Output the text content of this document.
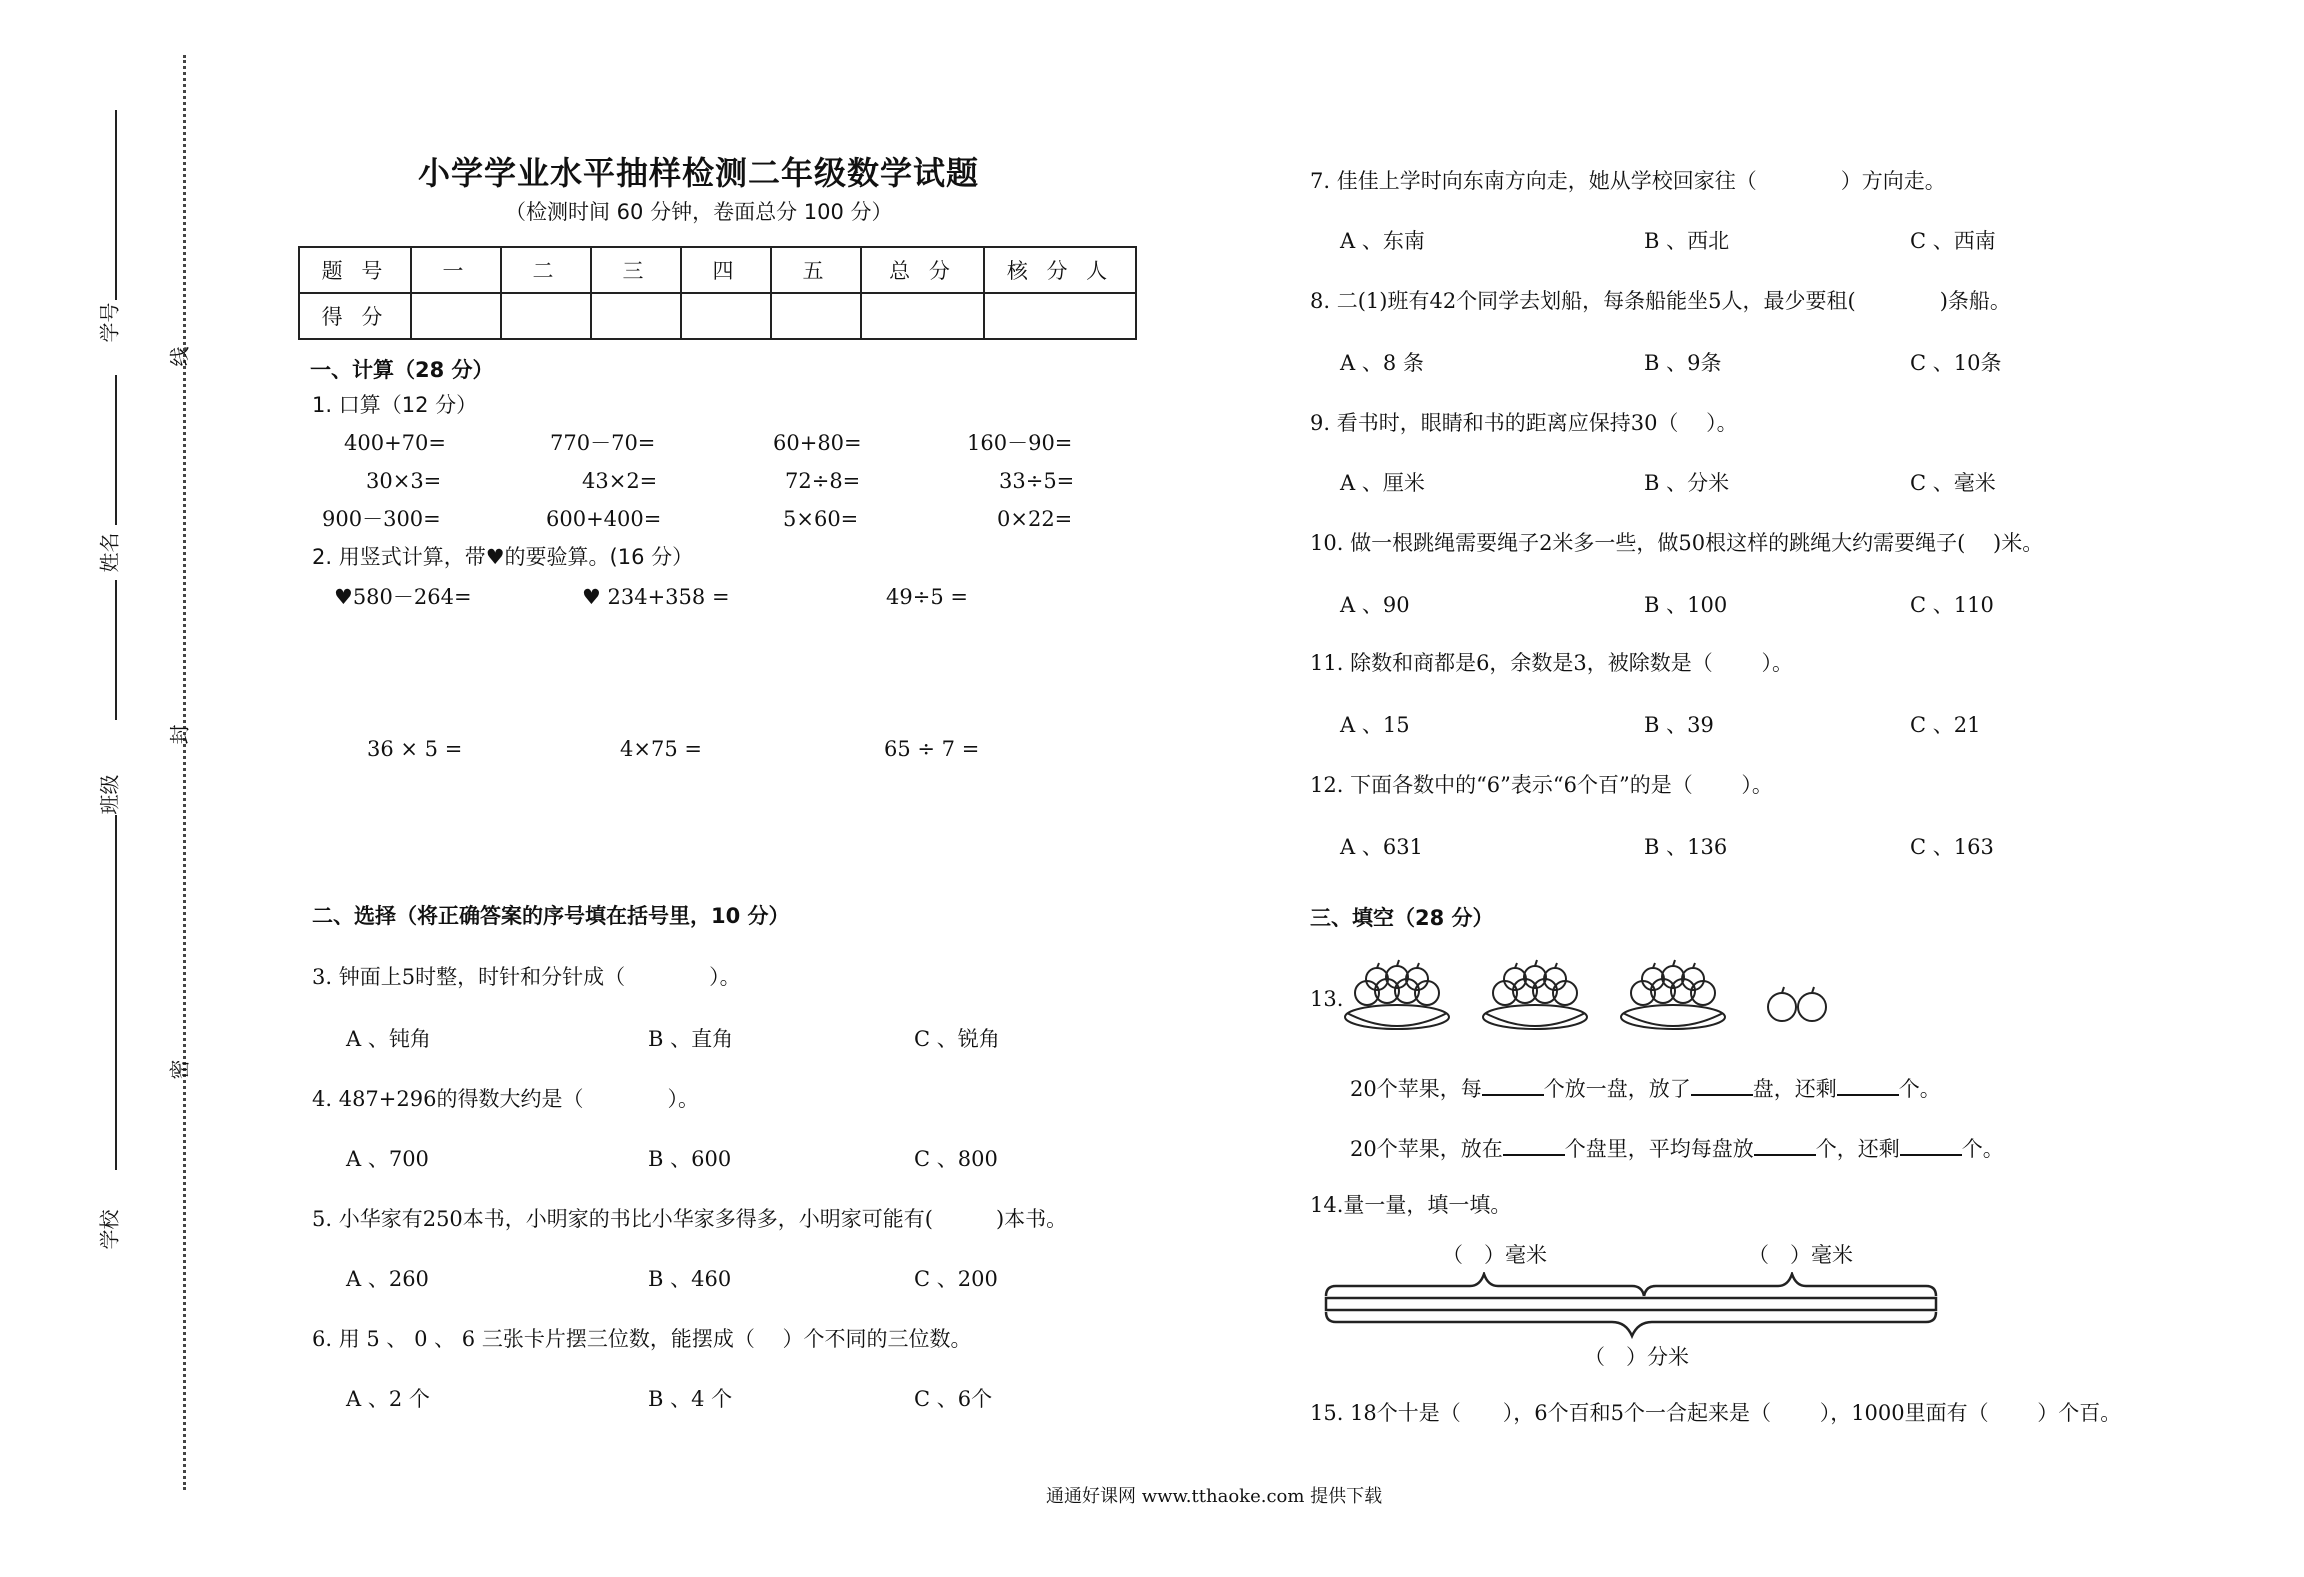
学号
姓名
班级
学校
线
封
密
小学学业水平抽样检测二年级数学试题
（检测时间 60 分钟，卷面总分 100 分）
题 号	一	二	三	四	五	总 分	核 分 人
得 分							
一、计算（28 分）
1. 口算（12 分）
400+70=	770－70=	60+80=	160－90=
30×3=	43×2=	72÷8=	33÷5=
900－300=	600+400=	5×60=	0×22=
2. 用竖式计算，带♥的要验算。(16 分）
♥580－264=	♥ 234+358 =	49÷5 =
36 × 5 =	4×75 =	65 ÷ 7 =
二、选择（将正确答案的序号填在括号里，10 分）
3. 钟面上5时整，时针和分针成（　　　　）。
A 、钝角	B 、直角	C 、锐角
4. 487+296的得数大约是（　　　　）。
A 、700	B 、600	C 、800
5. 小华家有250本书，小明家的书比小华家多得多，小明家可能有(　　　)本书。
A 、260	B 、460	C 、200
6. 用 5 、 0 、 6 三张卡片摆三位数，能摆成（　 ）个不同的三位数。
A 、2 个	B 、4 个	C 、6个
7. 佳佳上学时向东南方向走，她从学校回家往（　　　　）方向走。
A 、东南	B 、西北	C 、西南
8. 二(1)班有42个同学去划船，每条船能坐5人，最少要租(　　　　)条船。
A 、8 条	B 、9条	C 、10条
9. 看书时，眼睛和书的距离应保持30（　 ）。
A 、厘米	B 、分米	C 、毫米
10. 做一根跳绳需要绳子2米多一些，做50根这样的跳绳大约需要绳子(　 )米。
A 、90	B 、100	C 、110
11. 除数和商都是6，余数是3，被除数是（　　 ）。
A 、15	B 、39	C 、21
12. 下面各数中的“6”表示“6个百”的是（　　 ）。
A 、631	B 、136	C 、163
三、填空（28 分）
13.
20个苹果，每	个放一盘，放了	盘，还剩	个。
20个苹果，放在	个盘里，平均每盘放	个，还剩	个。
14.量一量，填一填。
（　）毫米	（　）毫米
（　）分米
15. 18个十是（　　），6个百和5个一合起来是（　　 ），1000里面有（　　 ）个百。
通通好课网 www.tthaoke.com 提供下载
